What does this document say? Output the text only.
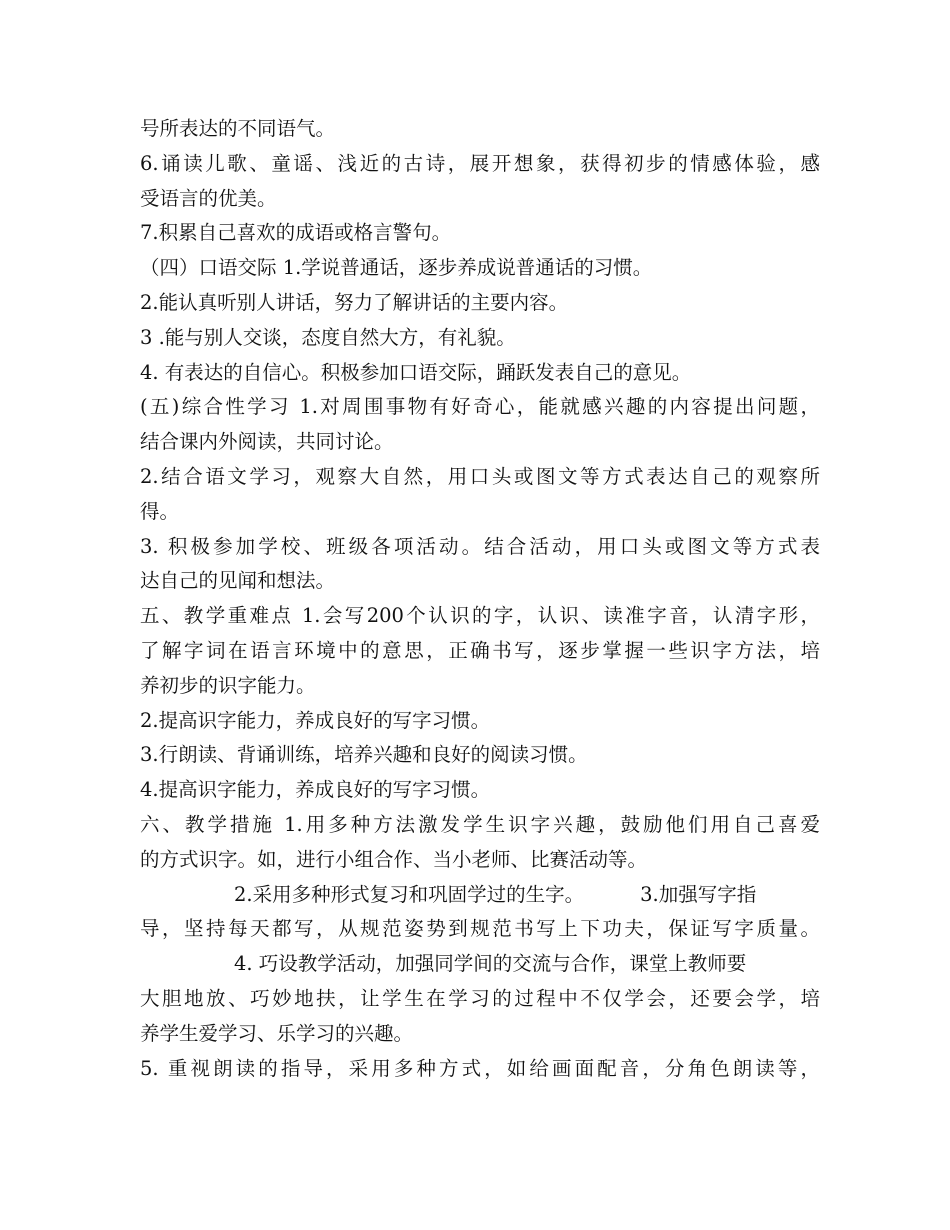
号所表达的不同语气。
6.诵读儿歌、童谣、浅近的古诗，展开想象，获得初步的情感体验，感
受语言的优美。
7.积累自己喜欢的成语或格言警句。
（四）口语交际 1.学说普通话，逐步养成说普通话的习惯。
2.能认真听别人讲话，努力了解讲话的主要内容。
3 .能与别人交谈，态度自然大方，有礼貌。
4. 有表达的自信心。积极参加口语交际，踊跃发表自己的意见。
(五)综合性学习 1.对周围事物有好奇心，能就感兴趣的内容提出问题，
结合课内外阅读，共同讨论。
2.结合语文学习，观察大自然，用口头或图文等方式表达自己的观察所
得。
3. 积极参加学校、班级各项活动。结合活动，用口头或图文等方式表
达自己的见闻和想法。
五、教学重难点 1.会写200个认识的字，认识、读准字音，认清字形，
了解字词在语言环境中的意思，正确书写，逐步掌握一些识字方法，培
养初步的识字能力。
2.提高识字能力，养成良好的写字习惯。
3.行朗读、背诵训练，培养兴趣和良好的阅读习惯。
4.提高识字能力，养成良好的写字习惯。
六、教学措施 1.用多种方法激发学生识字兴趣，鼓励他们用自己喜爱
的方式识字。如，进行小组合作、当小老师、比赛活动等。
2.采用多种形式复习和巩固学过的生字。	3.加强写字指
导，坚持每天都写，从规范姿势到规范书写上下功夫，保证写字质量。
4. 巧设教学活动，加强同学间的交流与合作，课堂上教师要
大胆地放、巧妙地扶，让学生在学习的过程中不仅学会，还要会学，培
养学生爱学习、乐学习的兴趣。
5. 重视朗读的指导，采用多种方式，如给画面配音，分角色朗读等，
